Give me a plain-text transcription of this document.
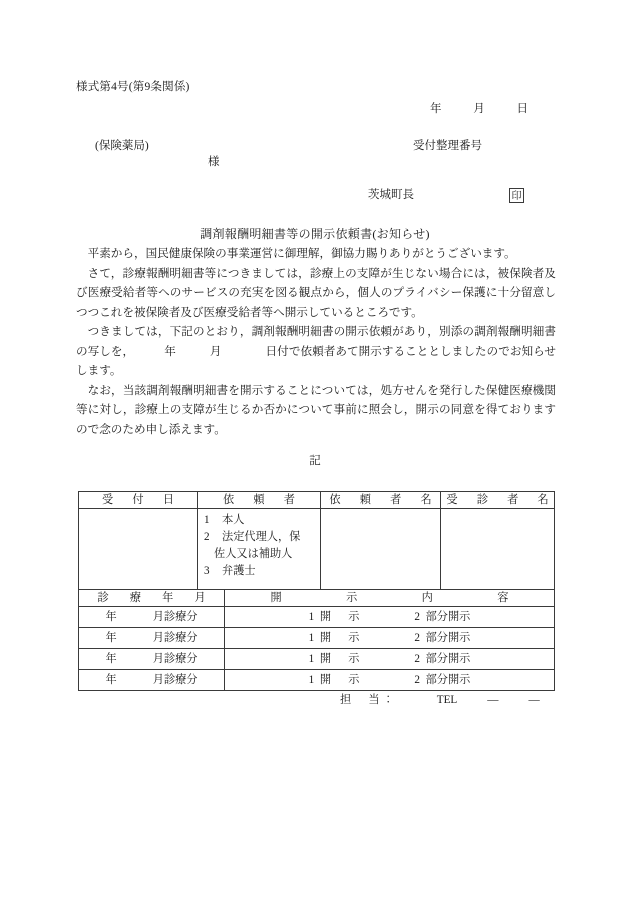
様式第4号(第9条関係)
年	月	日
(保険薬局)
様
受付整理番号
茨城町長	印
調剤報酬明細書等の開示依頼書(お知らせ)

平素から，国民健康保険の事業運営に御理解，御協力賜りありがとうございます。

さて，診療報酬明細書等につきましては，診療上の支障が生じない場合には，被保険者及び医療受給者等へのサービスの充実を図る観点から，個人のプライバシー保護に十分留意しつつこれを被保険者及び医療受給者等へ開示しているところです。

つきましては，下記のとおり，調剤報酬明細書の開示依頼があり，別添の調剤報酬明細書の写しを，	年	月	日付で依頼者あて開示することとしましたのでお知らせします。

なお，当該調剤報酬明細書を開示することについては，処方せんを発行した保健医療機関等に対し，診療上の支障が生じるか否かについて事前に照会し，開示の同意を得ておりますので念のため申し添えます。

記
受　付　日	依　頼　者	依　頼　者　名	受　診　者　名

	1 本人
2 法定代理人，保
佐人又は補助人
3 弁護士		

診　療　年　月	開　　示　　内　　容
年 月診療分	1 開　示 2 部分開示
年 月診療分	1 開　示 2 部分開示
年 月診療分	1 開　示 2 部分開示
年 月診療分	1 開　示 2 部分開示
担　当：	TEL	―	―
